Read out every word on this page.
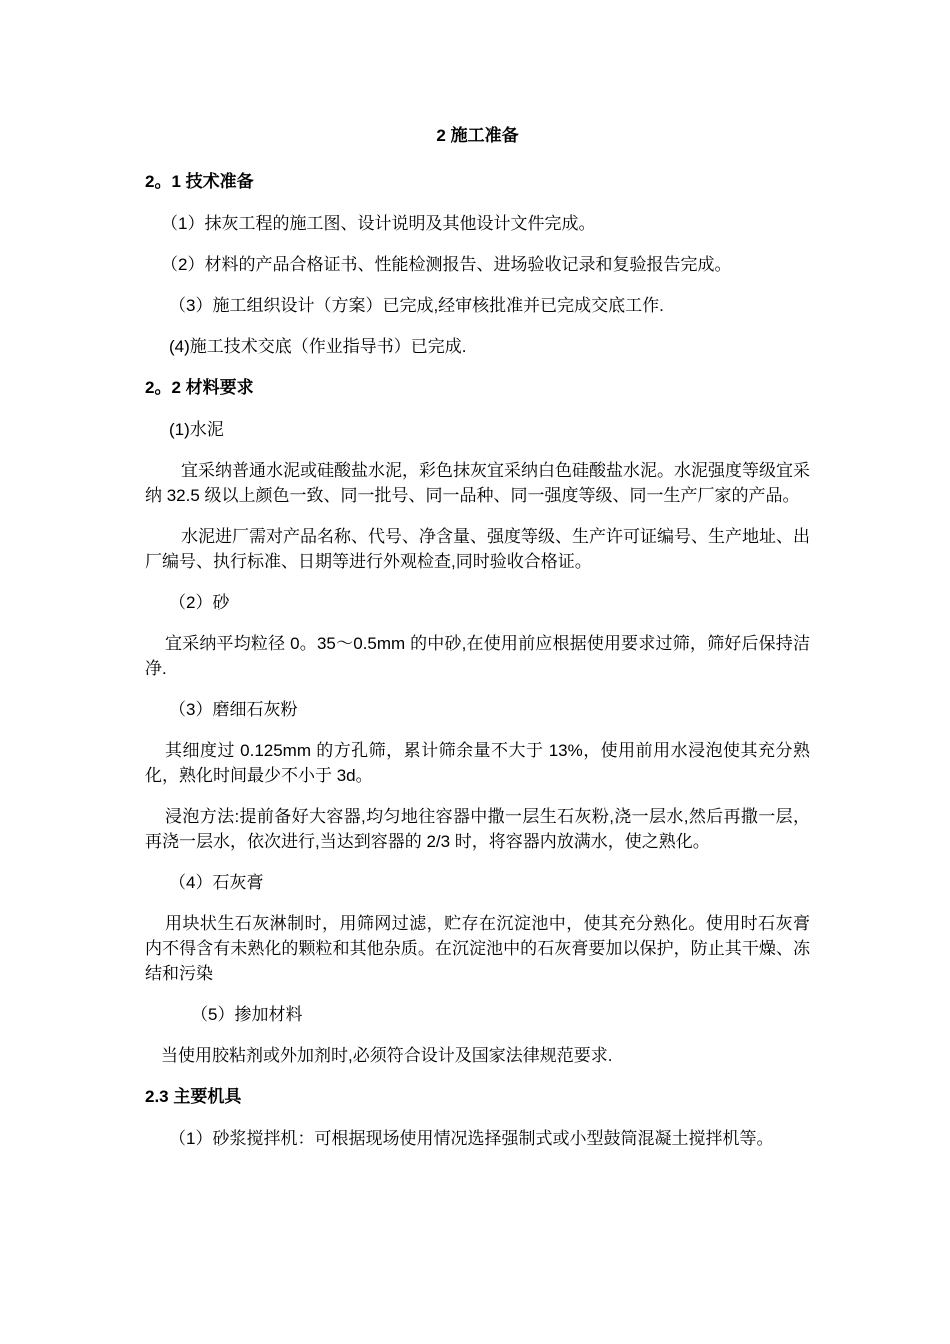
2 施工准备
2。1 技术准备
（1）抹灰工程的施工图、设计说明及其他设计文件完成。
（2）材料的产品合格证书、性能检测报告、进场验收记录和复验报告完成。
（3）施工组织设计（方案）已完成,经审核批准并已完成交底工作.
(4)施工技术交底（作业指导书）已完成.
2。2 材料要求
(1)水泥
宜采纳普通水泥或硅酸盐水泥，彩色抹灰宜采纳白色硅酸盐水泥。水泥强度等级宜采纳 32.5 级以上颜色一致、同一批号、同一品种、同一强度等级、同一生产厂家的产品。
水泥进厂需对产品名称、代号、净含量、强度等级、生产许可证编号、生产地址、出厂编号、执行标准、日期等进行外观检查,同时验收合格证。
（2）砂
宜采纳平均粒径 0。35～0.5mm 的中砂,在使用前应根据使用要求过筛，筛好后保持洁净.
（3）磨细石灰粉
其细度过 0.125mm 的方孔筛，累计筛余量不大于 13%，使用前用水浸泡使其充分熟化，熟化时间最少不小于 3d。
浸泡方法:提前备好大容器,均匀地往容器中撒一层生石灰粉,浇一层水,然后再撒一层，再浇一层水，依次进行,当达到容器的 2/3 时，将容器内放满水，使之熟化。
（4）石灰膏
用块状生石灰淋制时，用筛网过滤，贮存在沉淀池中，使其充分熟化。使用时石灰膏内不得含有未熟化的颗粒和其他杂质。在沉淀池中的石灰膏要加以保护，防止其干燥、冻结和污染
（5）掺加材料
当使用胶粘剂或外加剂时,必须符合设计及国家法律规范要求.
2.3 主要机具
（1）砂浆搅拌机：可根据现场使用情况选择强制式或小型鼓筒混凝土搅拌机等。
